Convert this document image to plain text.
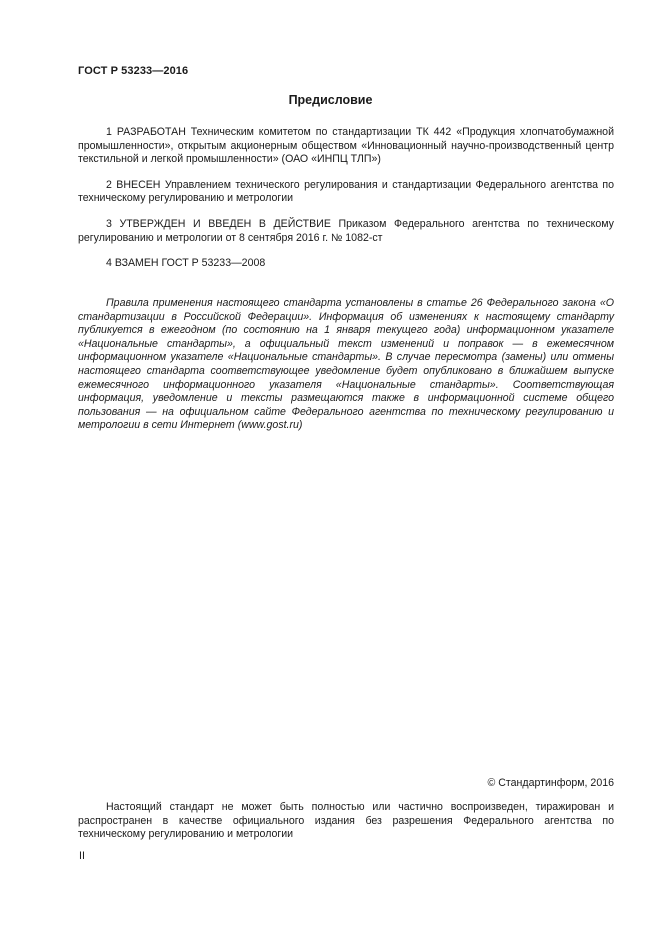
ГОСТ Р 53233—2016
Предисловие

1 РАЗРАБОТАН Техническим комитетом по стандартизации ТК 442 «Продукция хлопчатобумажной промышленности», открытым акционерным обществом «Инновационный научно-производственный центр текстильной и легкой промышленности» (ОАО «ИНПЦ ТЛП»)

2 ВНЕСЕН Управлением технического регулирования и стандартизации Федерального агентства по техническому регулированию и метрологии

3 УТВЕРЖДЕН И ВВЕДЕН В ДЕЙСТВИЕ Приказом Федерального агентства по техническому регулированию и метрологии от 8 сентября 2016 г. № 1082-ст

4 ВЗАМЕН ГОСТ Р 53233—2008

Правила применения настоящего стандарта установлены в статье 26 Федерального закона «О стандартизации в Российской Федерации». Информация об изменениях к настоящему стандарту публикуется в ежегодном (по состоянию на 1 января текущего года) информационном указателе «Национальные стандарты», а официальный текст изменений и поправок — в ежемесячном информационном указателе «Национальные стандарты». В случае пересмотра (замены) или отмены настоящего стандарта соответствующее уведомление будет опубликовано в ближайшем выпуске ежемесячного информационного указателя «Национальные стандарты». Соответствующая информация, уведомление и тексты размещаются также в информационной системе общего пользования — на официальном сайте Федерального агентства по техническому регулированию и метрологии в сети Интернет (www.gost.ru)

© Стандартинформ, 2016

Настоящий стандарт не может быть полностью или частично воспроизведен, тиражирован и распространен в качестве официального издания без разрешения Федерального агентства по техническому регулированию и метрологии

II
